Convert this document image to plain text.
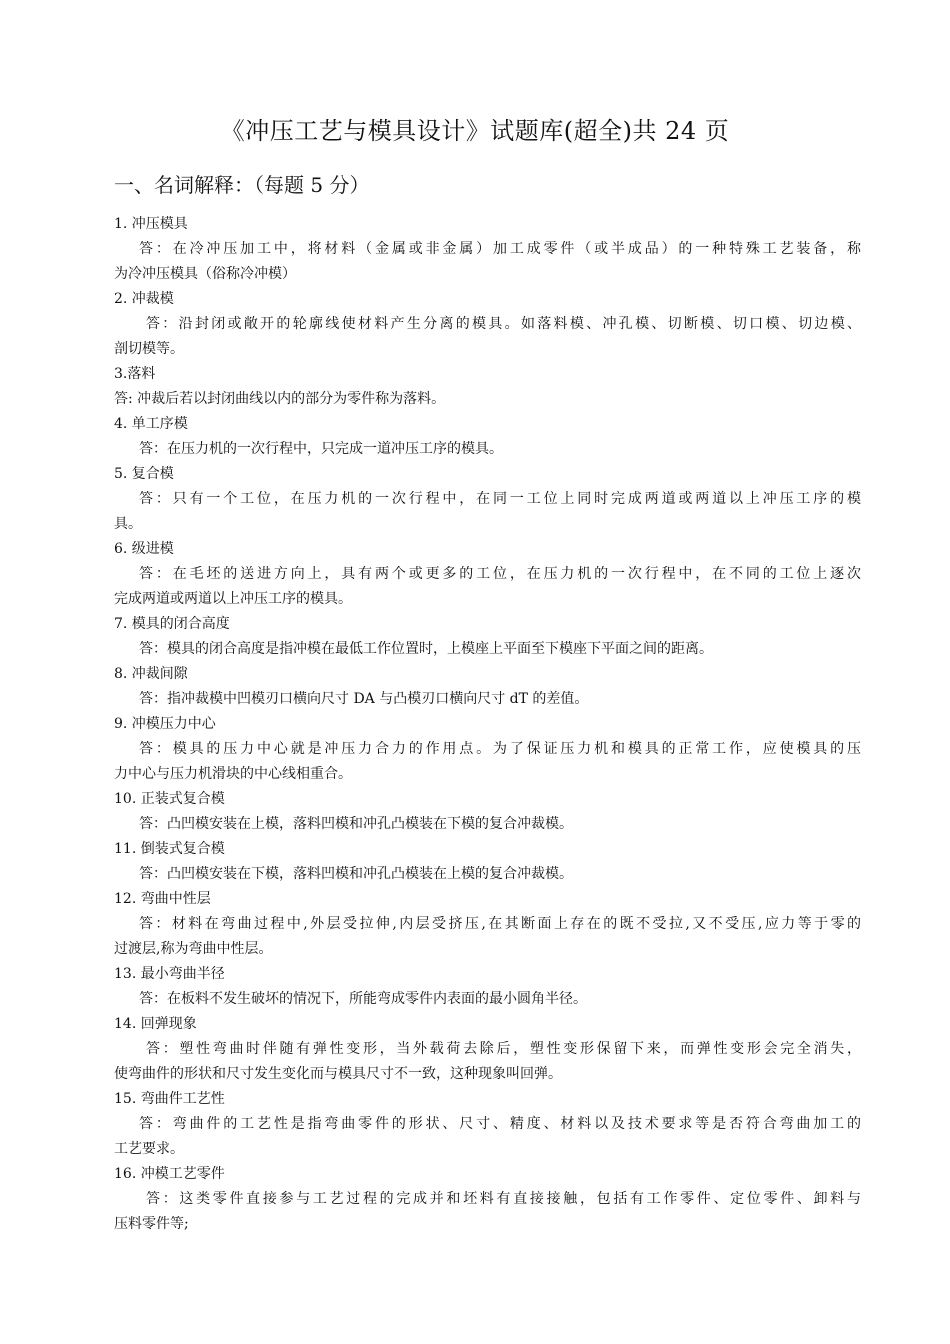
《冲压工艺与模具设计》试题库(超全)共 24 页
一、名词解释：（每题 5 分）
1. 冲压模具
答：在冷冲压加工中，将材料（金属或非金属）加工成零件（或半成品）的一种特殊工艺装备，称
为冷冲压模具（俗称冷冲模）
2. 冲裁模
答：沿封闭或敞开的轮廓线使材料产生分离的模具。如落料模、冲孔模、切断模、切口模、切边模、
剖切模等。
3.落料
答: 冲裁后若以封闭曲线以内的部分为零件称为落料。
4. 单工序模
答：在压力机的一次行程中，只完成一道冲压工序的模具。
5. 复合模
答：只有一个工位，在压力机的一次行程中，在同一工位上同时完成两道或两道以上冲压工序的模
具。
6. 级进模
答：在毛坯的送进方向上，具有两个或更多的工位，在压力机的一次行程中，在不同的工位上逐次
完成两道或两道以上冲压工序的模具。
7. 模具的闭合高度
答：模具的闭合高度是指冲模在最低工作位置时，上模座上平面至下模座下平面之间的距离。
8. 冲裁间隙
答：指冲裁模中凹模刃口横向尺寸 DA 与凸模刃口横向尺寸 dT 的差值。
9. 冲模压力中心
答：模具的压力中心就是冲压力合力的作用点。为了保证压力机和模具的正常工作，应使模具的压
力中心与压力机滑块的中心线相重合。
10. 正装式复合模
答：凸凹模安装在上模，落料凹模和冲孔凸模装在下模的复合冲裁模。
11. 倒装式复合模
答：凸凹模安装在下模，落料凹模和冲孔凸模装在上模的复合冲裁模。
12. 弯曲中性层
答：材料在弯曲过程中,外层受拉伸,内层受挤压,在其断面上存在的既不受拉,又不受压,应力等于零的
过渡层,称为弯曲中性层。
13. 最小弯曲半径
答：在板料不发生破坏的情况下，所能弯成零件内表面的最小圆角半径。
14. 回弹现象
答：塑性弯曲时伴随有弹性变形，当外载荷去除后，塑性变形保留下来，而弹性变形会完全消失，
使弯曲件的形状和尺寸发生变化而与模具尺寸不一致，这种现象叫回弹。
15. 弯曲件工艺性
答：弯曲件的工艺性是指弯曲零件的形状、尺寸、精度、材料以及技术要求等是否符合弯曲加工的
工艺要求。
16. 冲模工艺零件
答：这类零件直接参与工艺过程的完成并和坯料有直接接触，包括有工作零件、定位零件、卸料与
压料零件等;
